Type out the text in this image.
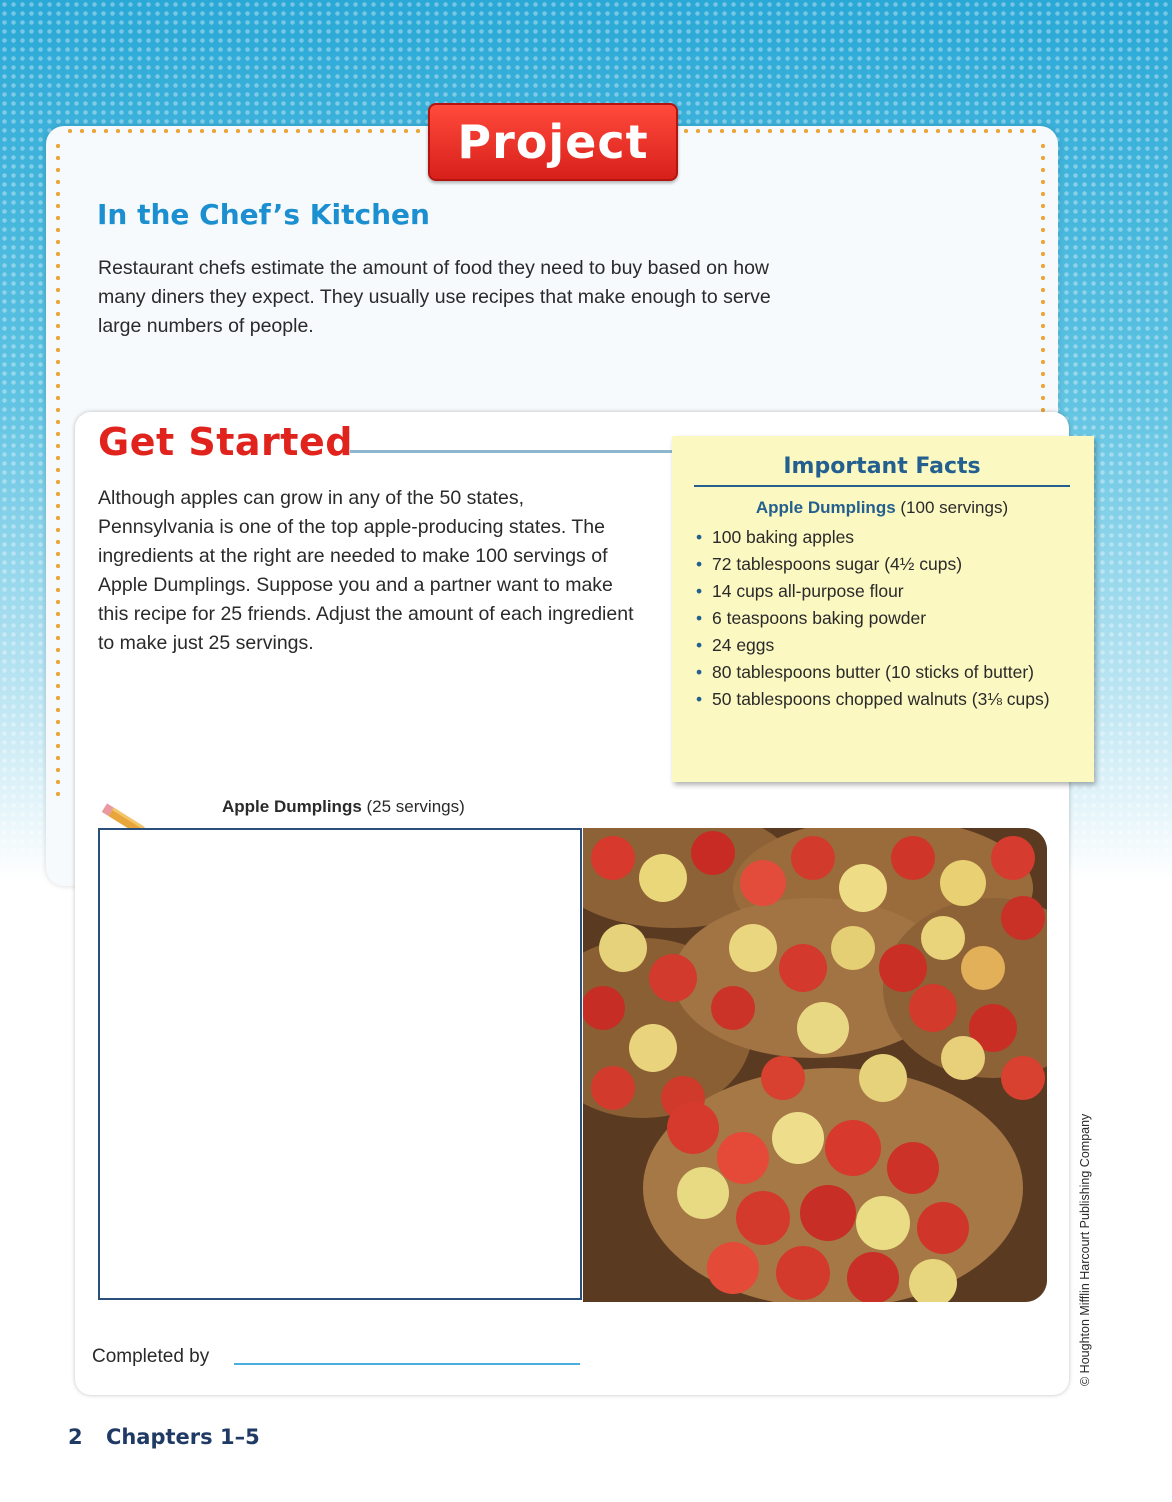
Project
In the Chef’s Kitchen

Restaurant chefs estimate the amount of food they need to buy based on how many diners they expect. They usually use recipes that make enough to serve large numbers of people.

Get Started

Although apples can grow in any of the 50 states, Pennsylvania is one of the top apple-producing states. The ingredients at the right are needed to make 100 servings of Apple Dumplings. Suppose you and a partner want to make this recipe for 25 friends. Adjust the amount of each ingredient to make just 25 servings.

Important Facts
Apple Dumplings (100 servings)
• 100 baking apples
• 72 tablespoons sugar (4½ cups)
• 14 cups all-purpose flour
• 6 teaspoons baking powder
• 24 eggs
• 80 tablespoons butter (10 sticks of butter)
• 50 tablespoons chopped walnuts (3⅛ cups)
Apple Dumplings (25 servings)
Completed by	© Houghton Mifflin Harcourt Publishing Company
2 Chapters 1–5
